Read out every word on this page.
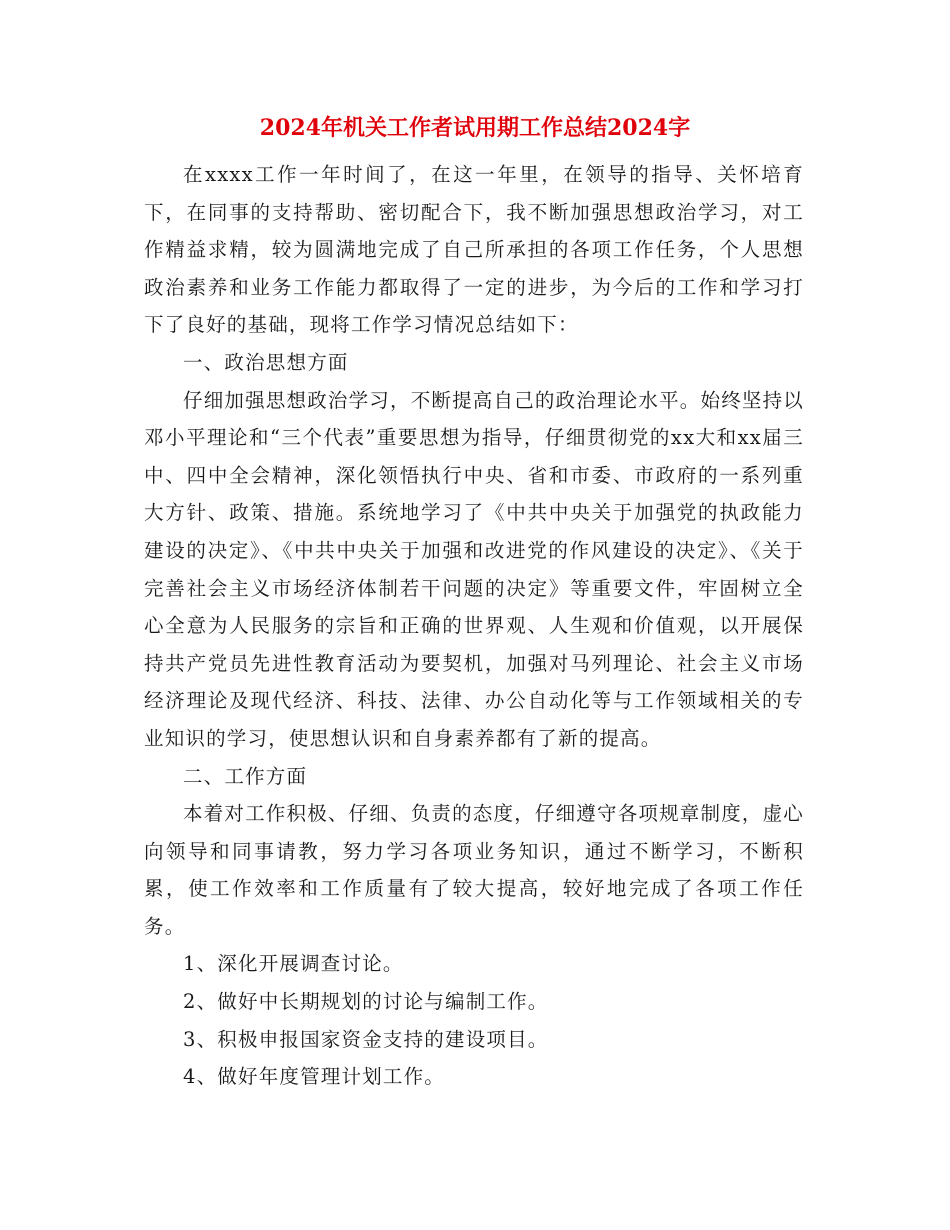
2024年机关工作者试用期工作总结2024字

在xxxx工作一年时间了，在这一年里，在领导的指导、关怀培育下，在同事的支持帮助、密切配合下，我不断加强思想政治学习，对工作精益求精，较为圆满地完成了自己所承担的各项工作任务，个人思想政治素养和业务工作能力都取得了一定的进步，为今后的工作和学习打下了良好的基础，现将工作学习情况总结如下：

一、政治思想方面

仔细加强思想政治学习，不断提高自己的政治理论水平。始终坚持以邓小平理论和“三个代表”重要思想为指导，仔细贯彻党的xx大和xx届三中、四中全会精神，深化领悟执行中央、省和市委、市政府的一系列重大方针、政策、措施。系统地学习了《中共中央关于加强党的执政能力建设的决定》、《中共中央关于加强和改进党的作风建设的决定》、《关于完善社会主义市场经济体制若干问题的决定》等重要文件，牢固树立全心全意为人民服务的宗旨和正确的世界观、人生观和价值观，以开展保持共产党员先进性教育活动为要契机，加强对马列理论、社会主义市场经济理论及现代经济、科技、法律、办公自动化等与工作领域相关的专业知识的学习，使思想认识和自身素养都有了新的提高。

二、工作方面

本着对工作积极、仔细、负责的态度，仔细遵守各项规章制度，虚心向领导和同事请教，努力学习各项业务知识，通过不断学习，不断积累，使工作效率和工作质量有了较大提高，较好地完成了各项工作任务。

1、深化开展调查讨论。

2、做好中长期规划的讨论与编制工作。

3、积极申报国家资金支持的建设项目。

4、做好年度管理计划工作。
